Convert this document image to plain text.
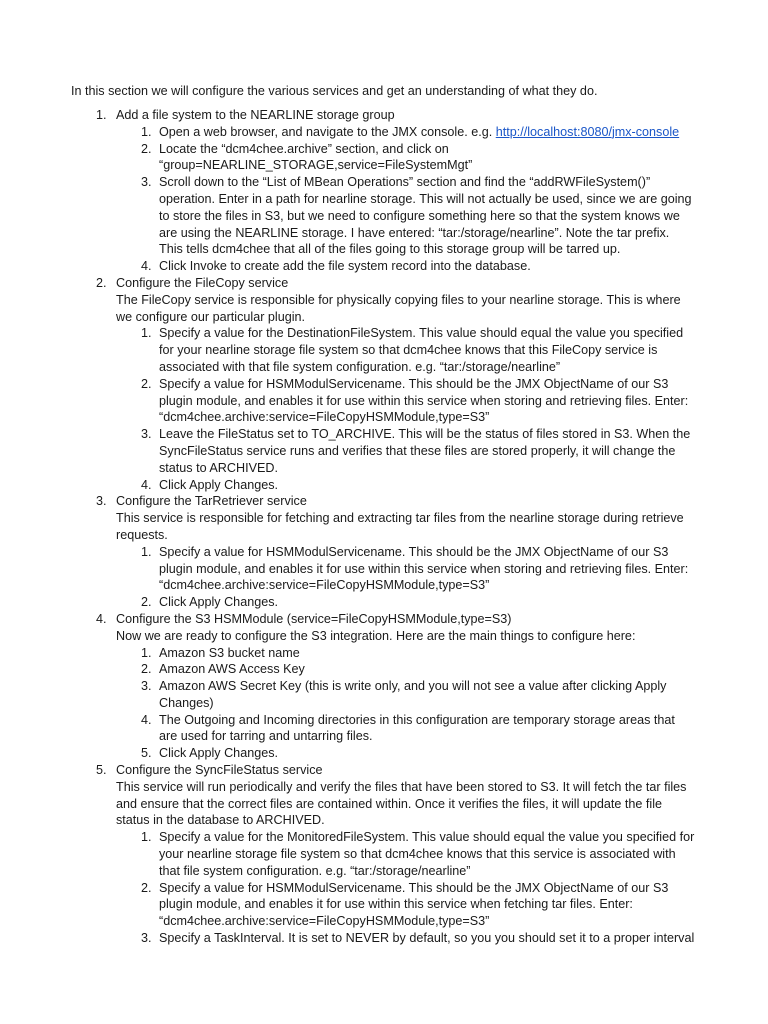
In this section we will configure the various services and get an understanding of what they do.

1. Add a file system to the NEARLINE storage group

1. Open a web browser, and navigate to the JMX console. e.g. http://localhost:8080/jmx-console
2. Locate the “dcm4chee.archive” section, and click on “group=NEARLINE_STORAGE,service=FileSystemMgt”
3. Scroll down to the “List of MBean Operations” section and find the “addRWFileSystem()” operation. Enter in a path for nearline storage. This will not actually be used, since we are going to store the files in S3, but we need to configure something here so that the system knows we are using the NEARLINE storage. I have entered: “tar:/storage/nearline”. Note the tar prefix. This tells dcm4chee that all of the files going to this storage group will be tarred up.
4. Click Invoke to create add the file system record into the database.
2. Configure the FileCopy service

The FileCopy service is responsible for physically copying files to your nearline storage. This is where we configure our particular plugin.

1. Specify a value for the DestinationFileSystem. This value should equal the value you specified for your nearline storage file system so that dcm4chee knows that this FileCopy service is associated with that file system configuration. e.g. “tar:/storage/nearline”
2. Specify a value for HSMModulServicename. This should be the JMX ObjectName of our S3 plugin module, and enables it for use within this service when storing and retrieving files. Enter: “dcm4chee.archive:service=FileCopyHSMModule,type=S3”
3. Leave the FileStatus set to TO_ARCHIVE. This will be the status of files stored in S3. When the SyncFileStatus service runs and verifies that these files are stored properly, it will change the status to ARCHIVED.
4. Click Apply Changes.
3. Configure the TarRetriever service

This service is responsible for fetching and extracting tar files from the nearline storage during retrieve requests.

1. Specify a value for HSMModulServicename. This should be the JMX ObjectName of our S3 plugin module, and enables it for use within this service when storing and retrieving files. Enter: “dcm4chee.archive:service=FileCopyHSMModule,type=S3”
2. Click Apply Changes.
4. Configure the S3 HSMModule (service=FileCopyHSMModule,type=S3)

Now we are ready to configure the S3 integration. Here are the main things to configure here:

1. Amazon S3 bucket name
2. Amazon AWS Access Key
3. Amazon AWS Secret Key (this is write only, and you will not see a value after clicking Apply Changes)
4. The Outgoing and Incoming directories in this configuration are temporary storage areas that are used for tarring and untarring files.
5. Click Apply Changes.
5. Configure the SyncFileStatus service

This service will run periodically and verify the files that have been stored to S3. It will fetch the tar files and ensure that the correct files are contained within. Once it verifies the files, it will update the file status in the database to ARCHIVED.

1. Specify a value for the MonitoredFileSystem. This value should equal the value you specified for your nearline storage file system so that dcm4chee knows that this service is associated with that file system configuration. e.g. “tar:/storage/nearline”
2. Specify a value for HSMModulServicename. This should be the JMX ObjectName of our S3 plugin module, and enables it for use within this service when fetching tar files. Enter: “dcm4chee.archive:service=FileCopyHSMModule,type=S3”
3. Specify a TaskInterval. It is set to NEVER by default, so you you should set it to a proper interval
